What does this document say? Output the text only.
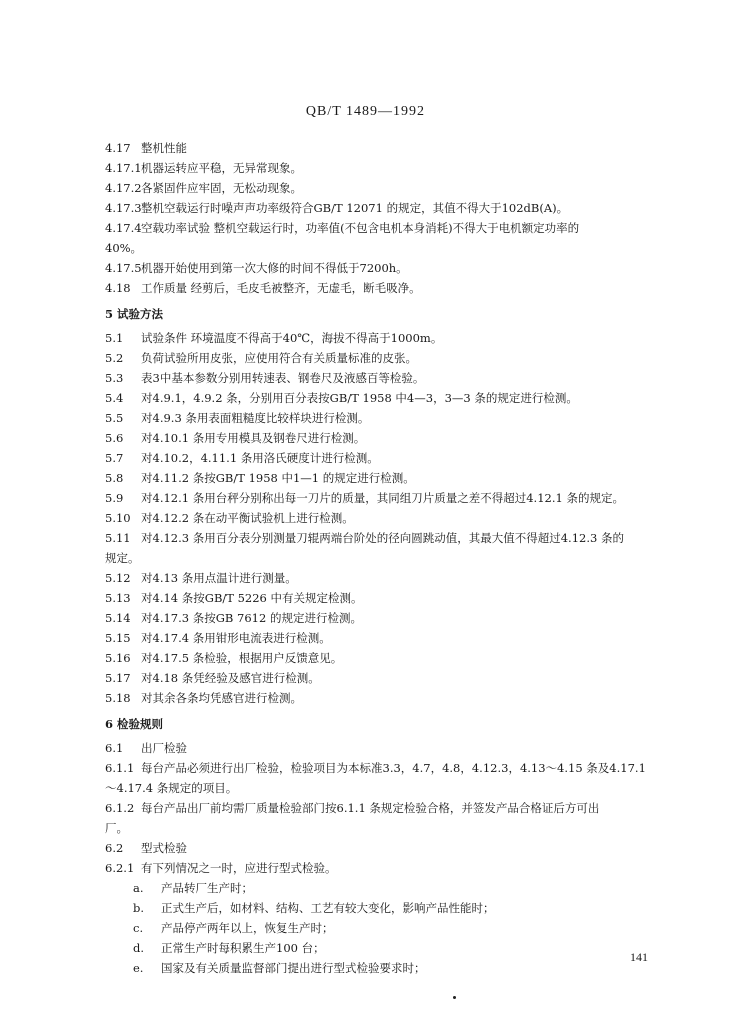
QB/T 1489—1992
4.17 整机性能
4.17.1机器运转应平稳，无异常现象。
4.17.2各紧固件应牢固，无松动现象。
4.17.3整机空载运行时噪声声功率级符合GB/T 12071 的规定，其值不得大于102dB(A)。
4.17.4空载功率试验 整机空载运行时，功率值(不包含电机本身消耗)不得大于电机额定功率的
40%。
4.17.5机器开始使用到第一次大修的时间不得低于7200h。
4.18 工作质量 经剪后，毛皮毛被整齐，无虚毛，断毛吸净。
5 试验方法
5.1 试验条件 环境温度不得高于40℃，海拔不得高于1000m。
5.2 负荷试验所用皮张，应使用符合有关质量标准的皮张。
5.3 表3中基本参数分别用转速表、钢卷尺及液感百等检验。
5.4 对4.9.1，4.9.2 条，分别用百分表按GB/T 1958 中4—3，3—3 条的规定进行检测。
5.5 对4.9.3 条用表面粗糙度比较样块进行检测。
5.6 对4.10.1 条用专用模具及钢卷尺进行检测。
5.7 对4.10.2，4.11.1 条用洛氏硬度计进行检测。
5.8 对4.11.2 条按GB/T 1958 中1—1 的规定进行检测。
5.9 对4.12.1 条用台秤分别称出每一刀片的质量，其同组刀片质量之差不得超过4.12.1 条的规定。
5.10 对4.12.2 条在动平衡试验机上进行检测。
5.11 对4.12.3 条用百分表分别测量刀辊两端台阶处的径向圆跳动值，其最大值不得超过4.12.3 条的
规定。
5.12 对4.13 条用点温计进行测量。
5.13 对4.14 条按GB/T 5226 中有关规定检测。
5.14 对4.17.3 条按GB 7612 的规定进行检测。
5.15 对4.17.4 条用钳形电流表进行检测。
5.16 对4.17.5 条检验，根据用户反馈意见。
5.17 对4.18 条凭经验及感官进行检测。
5.18 对其余各条均凭感官进行检测。
6 检验规则
6.1 出厂检验
6.1.1 每台产品必须进行出厂检验，检验项目为本标准3.3，4.7，4.8，4.12.3，4.13～4.15 条及4.17.1
～4.17.4 条规定的项目。
6.1.2 每台产品出厂前均需厂质量检验部门按6.1.1 条规定检验合格，并签发产品合格证后方可出
厂。
6.2 型式检验
6.2.1 有下列情况之一时，应进行型式检验。
a. 产品转厂生产时；
b. 正式生产后，如材料、结构、工艺有较大变化，影响产品性能时；
c. 产品停产两年以上，恢复生产时；
d. 正常生产时每积累生产100 台；
e. 国家及有关质量监督部门提出进行型式检验要求时；
141
